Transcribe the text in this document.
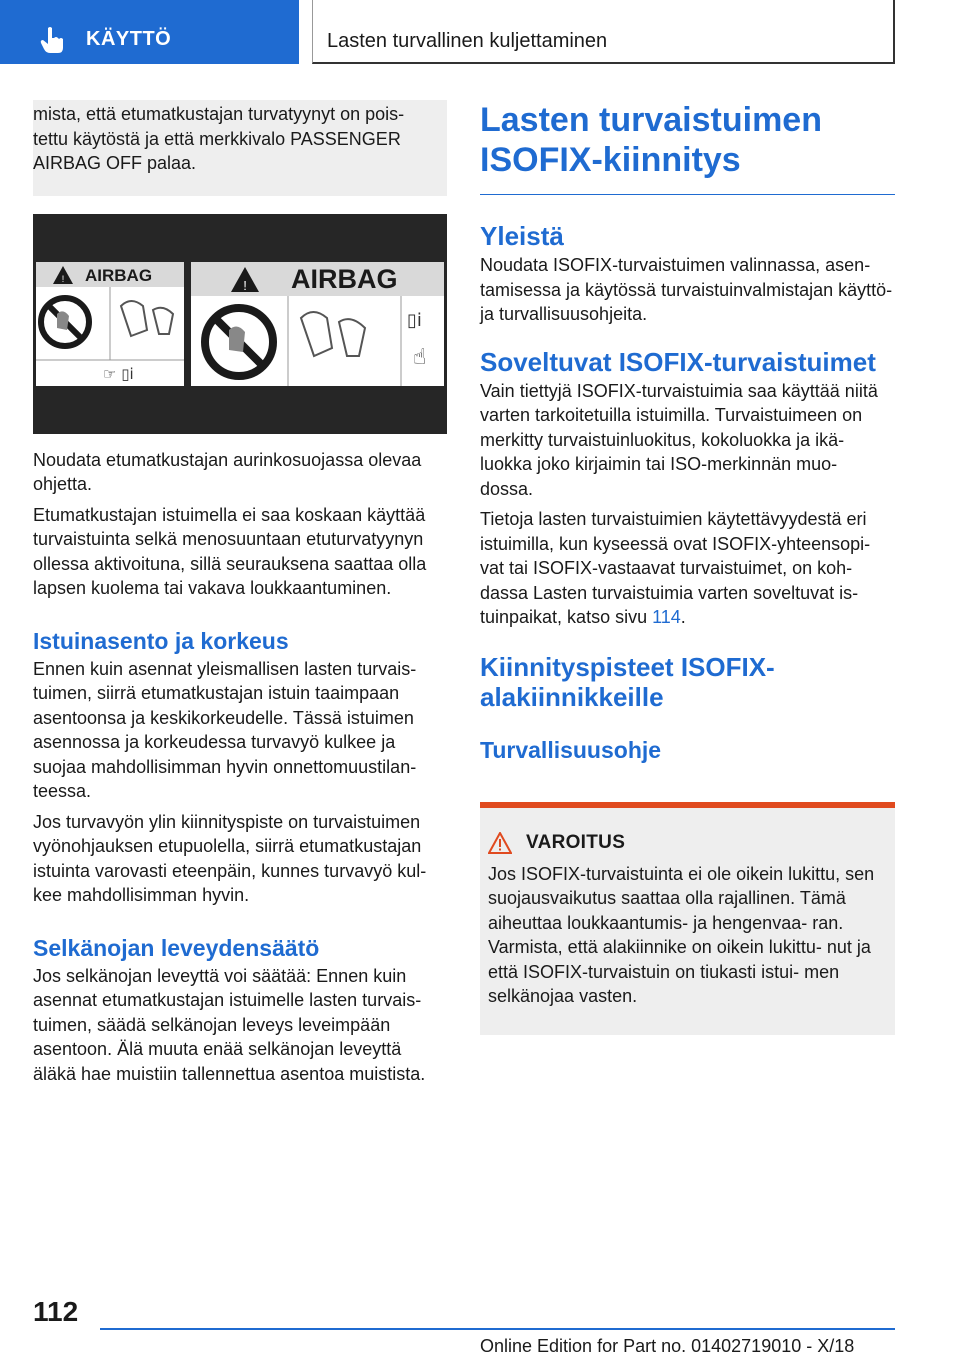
KÄYTTÖ	Lasten turvallinen kuljettaminen

mista, että etumatkustajan turvatyynyt on pois- tettu käytöstä ja että merkkivalo PASSENGER AIRBAG OFF palaa.

! AIRBAG
☞ ▯ⅰ
! AIRBAG
▯ⅰ
☝

Noudata etumatkustajan aurinkosuojassa olevaa ohjetta.

Etumatkustajan istuimella ei saa koskaan käyttää turvaistuinta selkä menosuuntaan etuturvatyynyn ollessa aktivoituna, sillä seurauksena saattaa olla lapsen kuolema tai vakava loukkaantuminen.

Istuinasento ja korkeus

Ennen kuin asennat yleismallisen lasten turvais- tuimen, siirrä etumatkustajan istuin taaimpaan asentoonsa ja keskikorkeudelle. Tässä istuimen asennossa ja korkeudessa turvavyö kulkee ja suojaa mahdollisimman hyvin onnettomuustilan- teessa.

Jos turvavyön ylin kiinnityspiste on turvaistuimen vyönohjauksen etupuolella, siirrä etumatkustajan istuinta varovasti eteenpäin, kunnes turvavyö kul- kee mahdollisimman hyvin.

Selkänojan leveydensäätö

Jos selkänojan leveyttä voi säätää: Ennen kuin asennat etumatkustajan istuimelle lasten turvais- tuimen, säädä selkänojan leveys leveimpään asentoon. Älä muuta enää selkänojan leveyttä äläkä hae muistiin tallennettua asentoa muistista.

Lasten turvaistuimen ISOFIX-kiinnitys
Yleistä

Noudata ISOFIX-turvaistuimen valinnassa, asen- tamisessa ja käytössä turvaistuinvalmistajan käyttö- ja turvallisuusohjeita.

Soveltuvat ISOFIX-turvaistuimet

Vain tiettyjä ISOFIX-turvaistuimia saa käyttää niitä varten tarkoitetuilla istuimilla. Turvaistuimeen on merkitty turvaistuinluokitus, kokoluokka ja ikä- luokka joko kirjaimin tai ISO-merkinnän muo- dossa.

Tietoja lasten turvaistuimien käytettävyydestä eri istuimilla, kun kyseessä ovat ISOFIX-yhteensopi- vat tai ISOFIX-vastaavat turvaistuimet, on koh- dassa Lasten turvaistuimia varten soveltuvat is- tuinpaikat, katso sivu 114.

Kiinnityspisteet ISOFIX-alakiinnikkeille
Turvallisuusohje
VAROITUS

Jos ISOFIX-turvaistuinta ei ole oikein lukittu, sen suojausvaikutus saattaa olla rajallinen. Tämä aiheuttaa loukkaantumis- ja hengenvaa- ran. Varmista, että alakiinnike on oikein lukittu- nut ja että ISOFIX-turvaistuin on tiukasti istui- men selkänojaa vasten.

112
Online Edition for Part no. 01402719010 - X/18
